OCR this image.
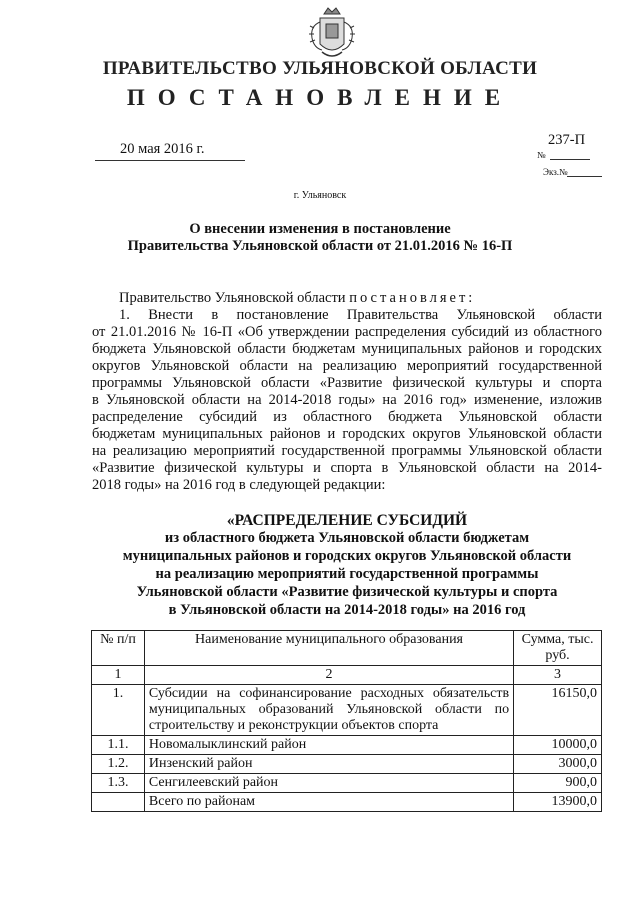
ПРАВИТЕЛЬСТВО УЛЬЯНОВСКОЙ ОБЛАСТИ
ПОСТАНОВЛЕНИЕ
20 мая 2016 г.
237-П
№
Экз.№
г. Ульяновск
О внесении изменения в постановление
Правительства Ульяновской области от 21.01.2016 № 16-П
Правительство Ульяновской области постановляет:
1. Внести в постановление Правительства Ульяновской области
от 21.01.2016 № 16-П «Об утверждении распределения субсидий из областного
бюджета Ульяновской области бюджетам муниципальных районов и городских
округов Ульяновской области на реализацию мероприятий государственной
программы Ульяновской области «Развитие физической культуры и спорта
в Ульяновской области на 2014-2018 годы» на 2016 год» изменение, изложив
распределение субсидий из областного бюджета Ульяновской области
бюджетам муниципальных районов и городских округов Ульяновской области
на реализацию мероприятий государственной программы Ульяновской области
«Развитие физической культуры и спорта в Ульяновской области на 2014-
2018 годы» на 2016 год в следующей редакции:
«РАСПРЕДЕЛЕНИЕ СУБСИДИЙ
из областного бюджета Ульяновской области бюджетам
муниципальных районов и городских округов Ульяновской области
на реализацию мероприятий государственной программы
Ульяновской области «Развитие физической культуры и спорта
в Ульяновской области на 2014-2018 годы» на 2016 год
№ п/п	Наименование муниципального образования	Сумма, тыс. руб.
1	2	3
1.	Субсидии на софинансирование расходных обязательств муниципальных образований Ульяновской области по строительству и реконструкции объектов спорта	16150,0
1.1.	Новомалыклинский район	10000,0
1.2.	Инзенский район	3000,0
1.3.	Сенгилеевский район	900,0
	Всего по районам	13900,0
